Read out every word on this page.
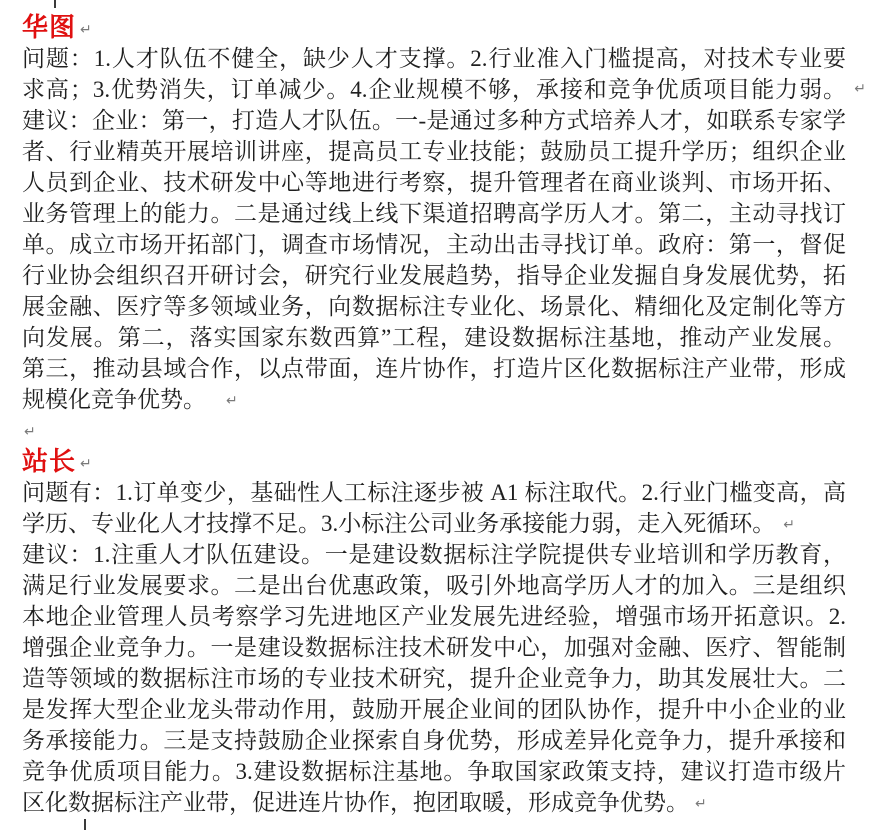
华图 ↵
问题：1.人才队伍不健全，缺少人才支撑。2.行业准入门槛提高，对技术专业要
求高；3.优势消失，订单减少。4.企业规模不够，承接和竞争优质项目能力弱。 ↵
建议：企业：第一，打造人才队伍。一-是通过多种方式培养人才，如联系专家学
者、行业精英开展培训讲座，提高员工专业技能；鼓励员工提升学历；组织企业
人员到企业、技术研发中心等地进行考察，提升管理者在商业谈判、市场开拓、
业务管理上的能力。二是通过线上线下渠道招聘高学历人才。第二，主动寻找订
单。成立市场开拓部门，调查市场情况，主动出击寻找订单。政府：第一，督促
行业协会组织召开研讨会，研究行业发展趋势，指导企业发掘自身发展优势，拓
展金融、医疗等多领域业务，向数据标注专业化、场景化、精细化及定制化等方
向发展。第二，落实国家东数西算”工程，建设数据标注基地，推动产业发展。
第三，推动县域合作，以点带面，连片协作，打造片区化数据标注产业带，形成
规模化竞争优势。 ↵
↵
站长 ↵
问题有：1.订单变少，基础性人工标注逐步被 A1 标注取代。2.行业门槛变高，高
学历、专业化人才技撑不足。3.小标注公司业务承接能力弱，走入死循环。 ↵
建议：1.注重人才队伍建设。一是建设数据标注学院提供专业培训和学历教育，
满足行业发展要求。二是出台优惠政策，吸引外地高学历人才的加入。三是组织
本地企业管理人员考察学习先进地区产业发展先进经验，增强市场开拓意识。2.
增强企业竞争力。一是建设数据标注技术研发中心，加强对金融、医疗、智能制
造等领域的数据标注市场的专业技术研究，提升企业竞争力，助其发展壮大。二
是发挥大型企业龙头带动作用，鼓励开展企业间的团队协作，提升中小企业的业
务承接能力。三是支持鼓励企业探索自身优势，形成差异化竞争力，提升承接和
竞争优质项目能力。3.建设数据标注基地。争取国家政策支持，建议打造市级片
区化数据标注产业带，促进连片协作，抱团取暖，形成竞争优势。 ↵
